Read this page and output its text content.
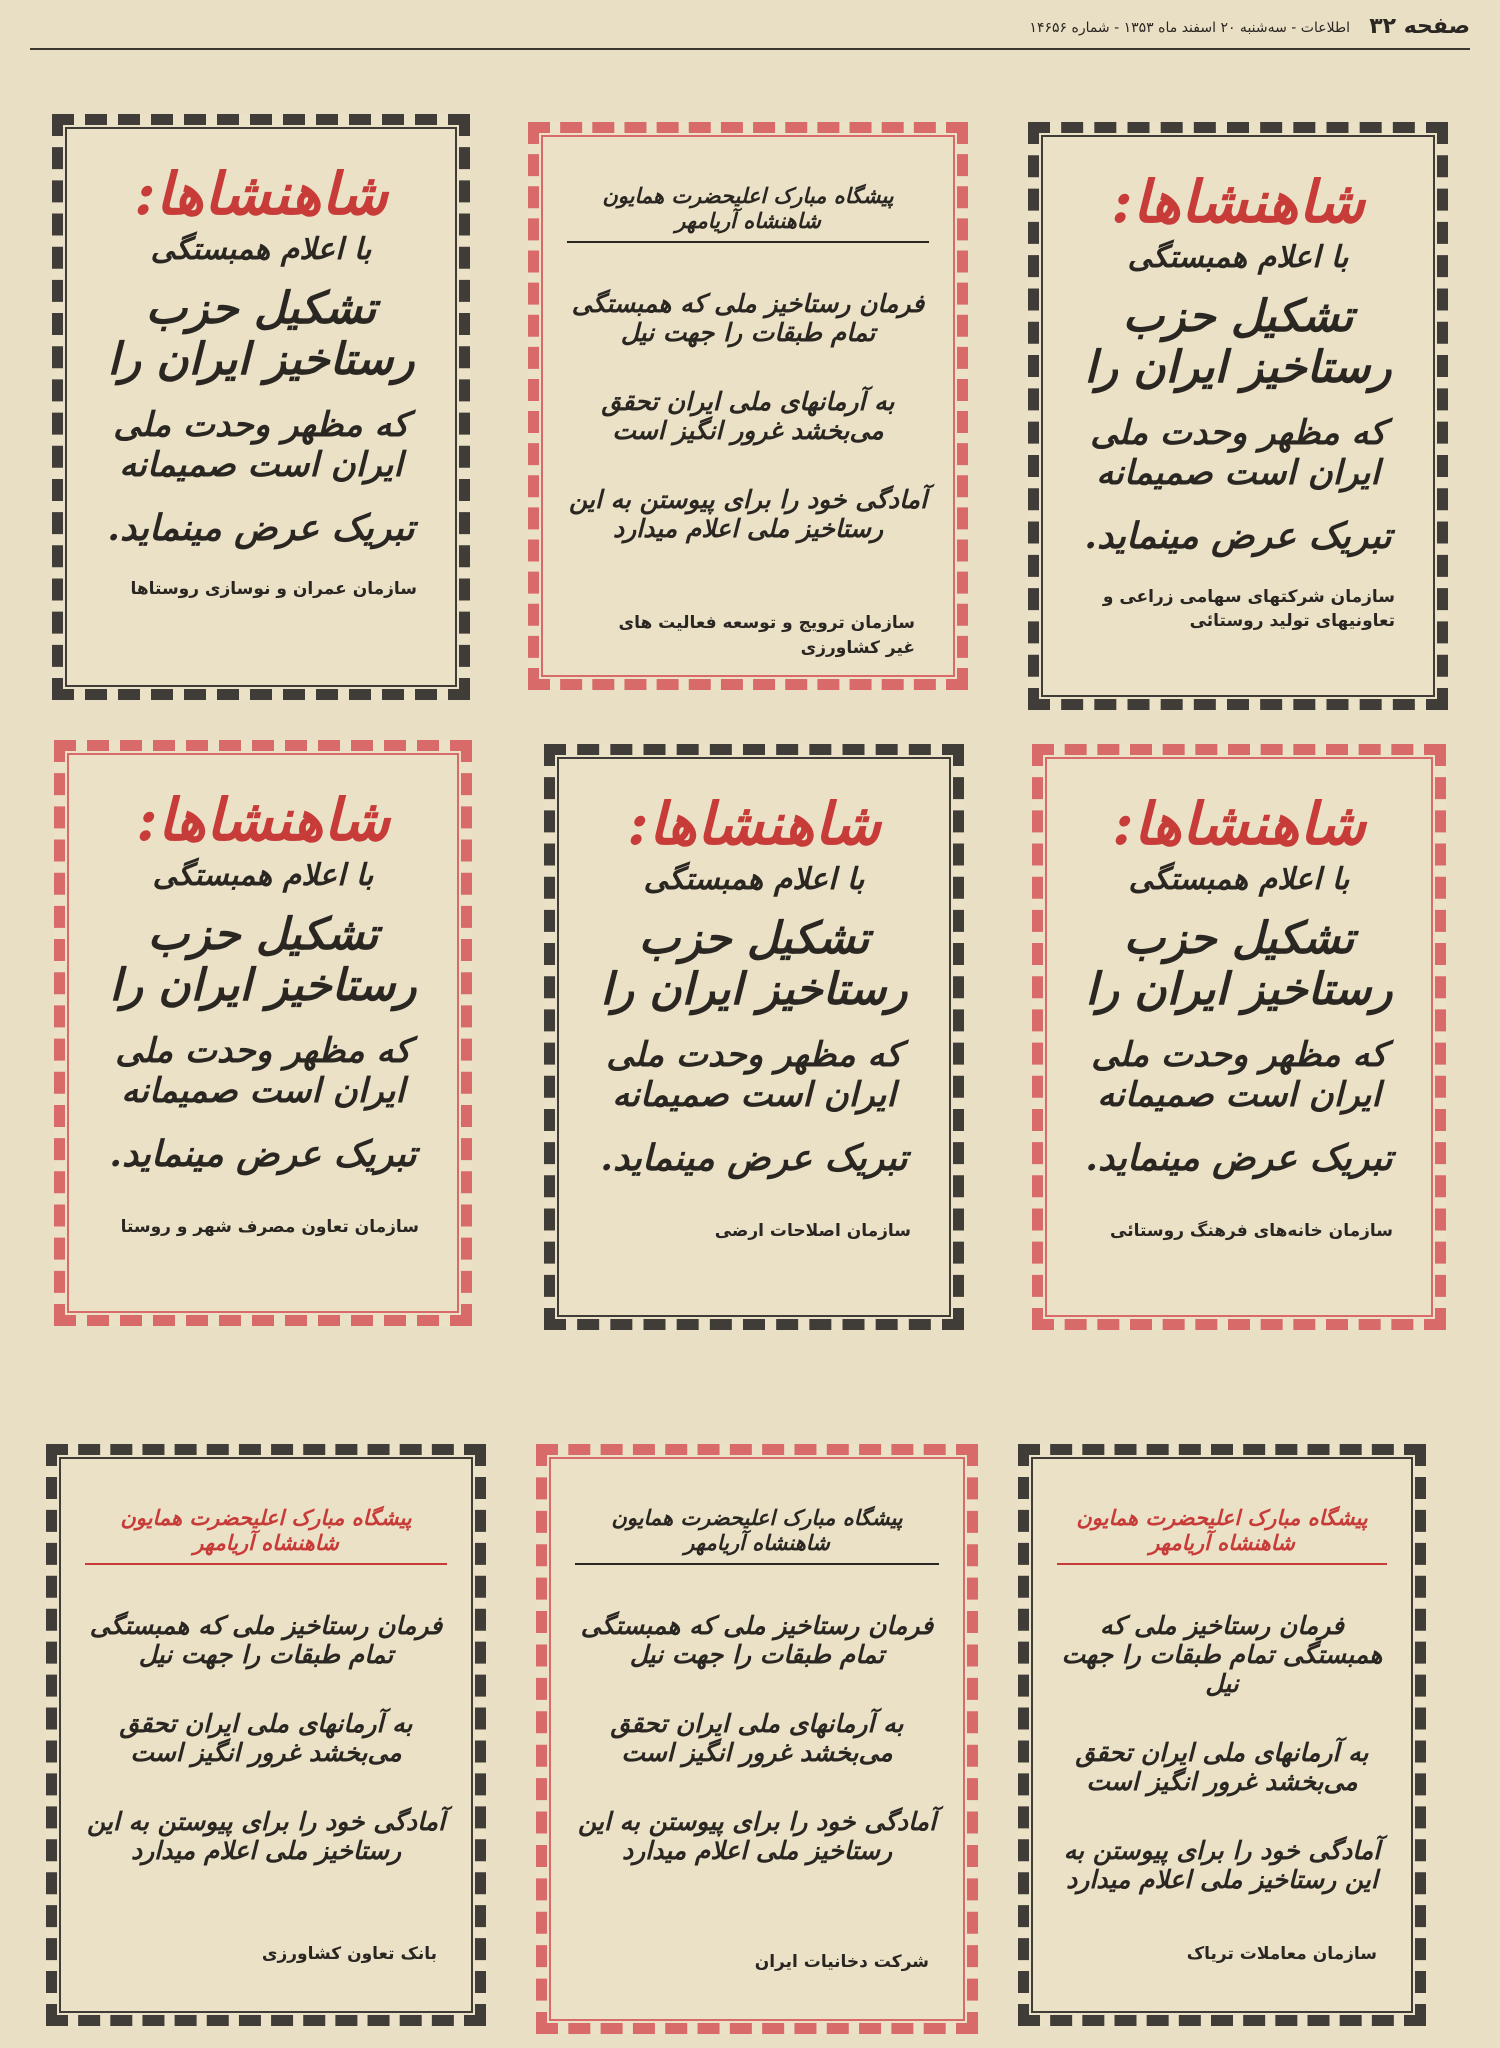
صفحه ۳۲
اطلاعات - سه‌شنبه ۲۰ اسفند ماه ۱۳۵۳ - شماره ۱۴۶۵۶
شاهنشاها:
با اعلام همبستگی
تشکیل حزب رستاخیز ایران را
که مظهر وحدت ملی ایران است صمیمانه
تبریک عرض مینماید.
سازمان شرکتهای سهامی زراعی و
تعاونیهای تولید روستائی
پیشگاه مبارک اعلیحضرت همایون شاهنشاه آریامهر
فرمان رستاخیز ملی که همبستگی تمام طبقات را جهت نیل
به آرمانهای ملی ایران تحقق می‌بخشد غرور انگیز است
آمادگی خود را برای پیوستن به این رستاخیز ملی اعلام میدارد
سازمان ترویج و توسعه فعالیت های
غیر کشاورزی
شاهنشاها:
با اعلام همبستگی
تشکیل حزب رستاخیز ایران را
که مظهر وحدت ملی ایران است صمیمانه
تبریک عرض مینماید.
سازمان عمران و نوسازی روستاها
شاهنشاها:
با اعلام همبستگی
تشکیل حزب رستاخیز ایران را
که مظهر وحدت ملی ایران است صمیمانه
تبریک عرض مینماید.
سازمان خانه‌های فرهنگ روستائی
شاهنشاها:
با اعلام همبستگی
تشکیل حزب رستاخیز ایران را
که مظهر وحدت ملی ایران است صمیمانه
تبریک عرض مینماید.
سازمان اصلاحات ارضی
شاهنشاها:
با اعلام همبستگی
تشکیل حزب رستاخیز ایران را
که مظهر وحدت ملی ایران است صمیمانه
تبریک عرض مینماید.
سازمان تعاون مصرف شهر و روستا
پیشگاه مبارک اعلیحضرت همایون شاهنشاه آریامهر
فرمان رستاخیز ملی که همبستگی تمام طبقات را جهت نیل
به آرمانهای ملی ایران تحقق می‌بخشد غرور انگیز است
آمادگی خود را برای پیوستن به این رستاخیز ملی اعلام میدارد
سازمان معاملات تریاک
پیشگاه مبارک اعلیحضرت همایون شاهنشاه آریامهر
فرمان رستاخیز ملی که همبستگی تمام طبقات را جهت نیل
به آرمانهای ملی ایران تحقق می‌بخشد غرور انگیز است
آمادگی خود را برای پیوستن به این رستاخیز ملی اعلام میدارد
شرکت دخانیات ایران
پیشگاه مبارک اعلیحضرت همایون شاهنشاه آریامهر
فرمان رستاخیز ملی که همبستگی تمام طبقات را جهت نیل
به آرمانهای ملی ایران تحقق می‌بخشد غرور انگیز است
آمادگی خود را برای پیوستن به این رستاخیز ملی اعلام میدارد
بانک تعاون کشاورزی
